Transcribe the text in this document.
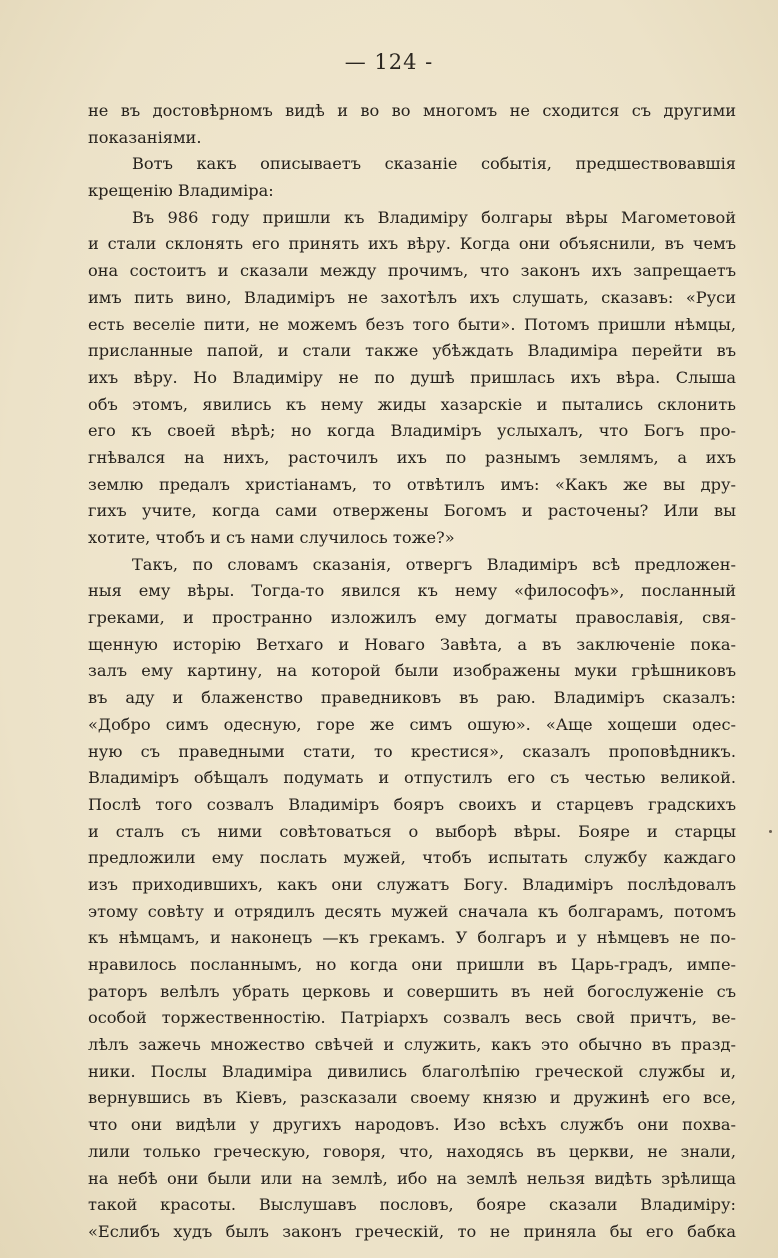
— 124 -
не въ достовѣрномъ видѣ и во во многомъ не сходится съ другими
показаніями.
Вотъ какъ описываетъ сказаніе событія, предшествовавшія
крещенію Владиміра:
Въ 986 году пришли къ Владиміру болгары вѣры Магометовой
и стали склонять его принять ихъ вѣру. Когда они объяснили, въ чемъ
она состоитъ и сказали между прочимъ, что законъ ихъ запрещаетъ
имъ пить вино, Владиміръ не захотѣлъ ихъ слушать, сказавъ: «Руси
есть веселіе пити, не можемъ безъ того быти». Потомъ пришли нѣмцы,
присланные папой, и стали также убѣждать Владиміра перейти въ
ихъ вѣру. Но Владиміру не по душѣ пришлась ихъ вѣра. Слыша
объ этомъ, явились къ нему жиды хазарскіе и пытались склонить
его къ своей вѣрѣ; но когда Владиміръ услыхалъ, что Богъ про-
гнѣвался на нихъ, расточилъ ихъ по разнымъ землямъ, а ихъ
землю предалъ христіанамъ, то отвѣтилъ имъ: «Какъ же вы дру-
гихъ учите, когда сами отвержены Богомъ и расточены? Или вы
хотите, чтобъ и съ нами случилось тоже?»
Такъ, по словамъ сказанія, отвергъ Владиміръ всѣ предложен-
ныя ему вѣры. Тогда-то явился къ нему «философъ», посланный
греками, и пространно изложилъ ему догматы православія, свя-
щенную исторію Ветхаго и Новаго Завѣта, а въ заключеніе пока-
залъ ему картину, на которой были изображены муки грѣшниковъ
въ аду и блаженство праведниковъ въ раю. Владиміръ сказалъ:
«Добро симъ одесную, горе же симъ ошую». «Аще хощеши одес-
ную съ праведными стати, то крестися», сказалъ проповѣдникъ.
Владиміръ обѣщалъ подумать и отпустилъ его съ честью великой.
Послѣ того созвалъ Владиміръ бояръ своихъ и старцевъ градскихъ
и сталъ съ ними совѣтоваться о выборѣ вѣры. Бояре и старцы
предложили ему послать мужей, чтобъ испытать службу каждаго
изъ приходившихъ, какъ они служатъ Богу. Владиміръ послѣдовалъ
этому совѣту и отрядилъ десять мужей сначала къ болгарамъ, потомъ
къ нѣмцамъ, и наконецъ —къ грекамъ. У болгаръ и у нѣмцевъ не по-
нравилось посланнымъ, но когда они пришли въ Царь-градъ, импе-
раторъ велѣлъ убрать церковь и совершить въ ней богослуженіе съ
особой торжественностію. Патріархъ созвалъ весь свой причтъ, ве-
лѣлъ зажечь множество свѣчей и служить, какъ это обычно въ празд-
ники. Послы Владиміра дивились благолѣпію греческой службы и,
вернувшись въ Кіевъ, разсказали своему князю и дружинѣ его все,
что они видѣли у другихъ народовъ. Изо всѣхъ службъ они похва-
лили только греческую, говоря, что, находясь въ церкви, не знали,
на небѣ они были или на землѣ, ибо на землѣ нельзя видѣть зрѣлища
такой красоты. Выслушавъ пословъ, бояре сказали Владиміру:
«Еслибъ худъ былъ законъ греческій, то не приняла бы его бабка
